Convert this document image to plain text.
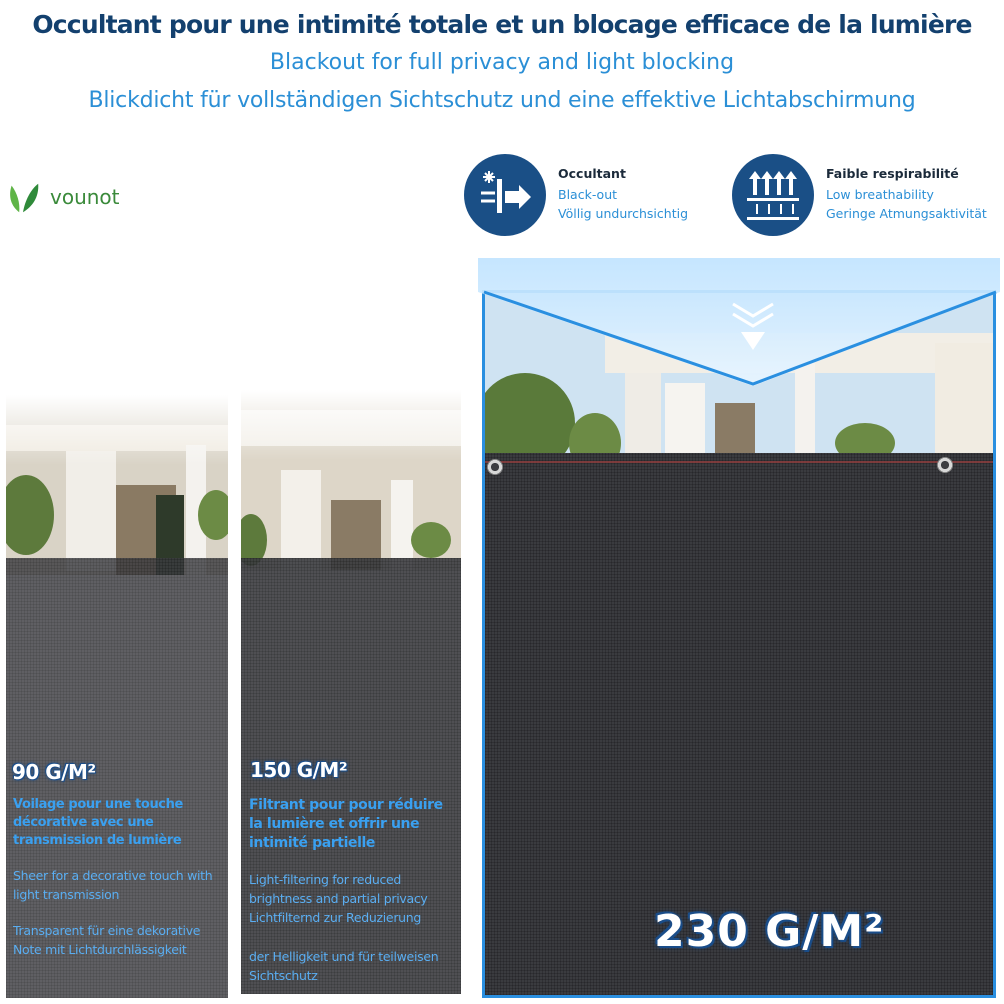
Occultant pour une intimité totale et un blocage efficace de la lumière
Blackout for full privacy and light blocking
Blickdicht für vollständigen Sichtschutz und eine effektive Lichtabschirmung
vounot
Occultant
Black-out
Völlig undurchsichtig
Faible respirabilité
Low breathability
Geringe Atmungsaktivität
90 G/M²
Voilage pour une touche
décorative avec une
transmission de lumière
Sheer for a decorative touch with
light transmission
Transparent für eine dekorative
Note mit Lichtdurchlässigkeit
150 G/M²
Filtrant pour pour réduire
la lumière et offrir une
intimité partielle
Light-filtering for reduced
brightness and partial privacy
Lichtfilternd zur Reduzierung
der Helligkeit und für teilweisen
Sichtschutz
230 G/M²
